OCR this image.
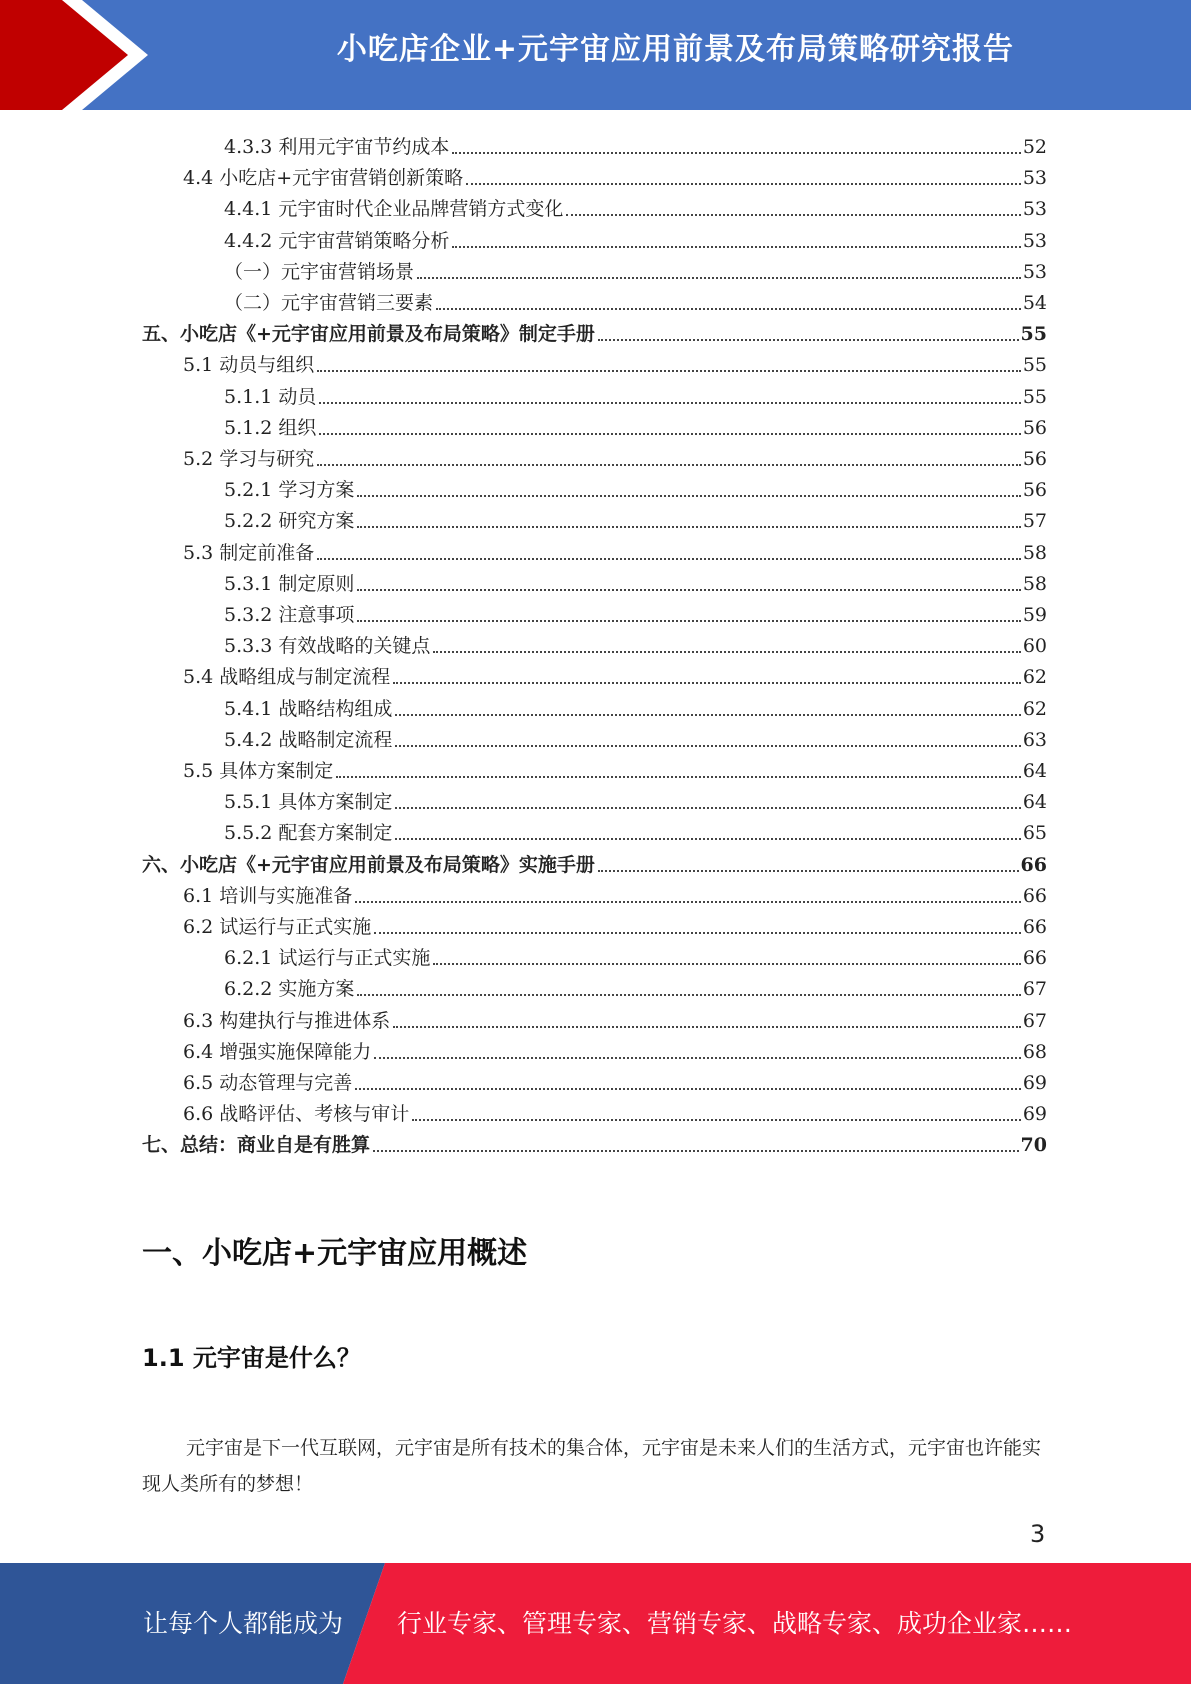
小吃店企业+元宇宙应用前景及布局策略研究报告
4.3.3 利用元宇宙节约成本	52
4.4 小吃店+元宇宙营销创新策略	53
4.4.1 元宇宙时代企业品牌营销方式变化	53
4.4.2 元宇宙营销策略分析	53
（一）元宇宙营销场景	53
（二）元宇宙营销三要素	54
五、小吃店《+元宇宙应用前景及布局策略》制定手册	55
5.1 动员与组织	55
5.1.1 动员	55
5.1.2 组织	56
5.2 学习与研究	56
5.2.1 学习方案	56
5.2.2 研究方案	57
5.3 制定前准备	58
5.3.1 制定原则	58
5.3.2 注意事项	59
5.3.3 有效战略的关键点	60
5.4 战略组成与制定流程	62
5.4.1 战略结构组成	62
5.4.2 战略制定流程	63
5.5 具体方案制定	64
5.5.1 具体方案制定	64
5.5.2 配套方案制定	65
六、小吃店《+元宇宙应用前景及布局策略》实施手册	66
6.1 培训与实施准备	66
6.2 试运行与正式实施	66
6.2.1 试运行与正式实施	66
6.2.2 实施方案	67
6.3 构建执行与推进体系	67
6.4 增强实施保障能力	68
6.5 动态管理与完善	69
6.6 战略评估、考核与审计	69
七、总结：商业自是有胜算	70
一、小吃店+元宇宙应用概述
1.1 元宇宙是什么？
元宇宙是下一代互联网，元宇宙是所有技术的集合体，元宇宙是未来人们的生活方式，元宇宙也许能实现人类所有的梦想！
3
让每个人都能成为 行业专家、管理专家、营销专家、战略专家、成功企业家……
